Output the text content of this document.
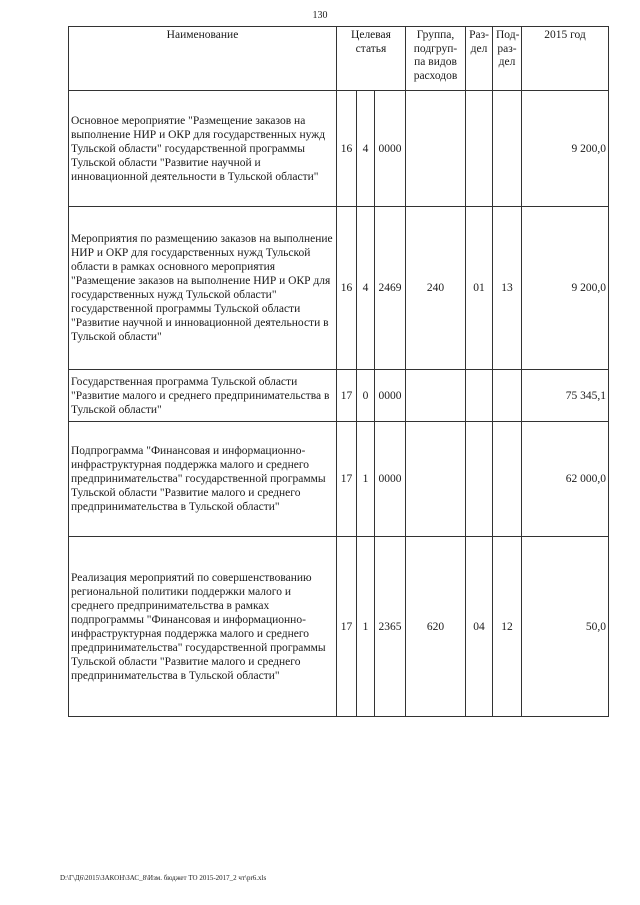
130
Наименование	Целевая статья			Группа, подгруп- па видов расходов	Раз- дел	Под- раз- дел	2015 год
Основное мероприятие "Размещение заказов на выполнение НИР и ОКР для государственных нужд Тульской области" государственной программы Тульской области "Развитие научной и инновационной деятельности в Тульской области"	16	4	0000				9 200,0
Мероприятия по размещению заказов на выполнение НИР и ОКР для государственных нужд Тульской области в рамках основного мероприятия "Размещение заказов на выполнение НИР и ОКР для государственных нужд Тульской области" государственной программы Тульской области "Развитие научной и инновационной деятельности в Тульской области"	16	4	2469	240	01	13	9 200,0
Государственная программа Тульской области "Развитие малого и среднего предпринимательства в Тульской области"	17	0	0000				75 345,1
Подпрограмма "Финансовая и информационно-инфраструктурная поддержка малого и среднего предпринимательства" государственной программы Тульской области "Развитие малого и среднего предпринимательства в Тульской области"	17	1	0000				62 000,0
Реализация мероприятий по совершенствованию региональной политики поддержки малого и среднего предпринимательства в рамках подпрограммы "Финансовая и информационно-инфраструктурная поддержка малого и среднего предпринимательства" государственной программы Тульской области "Развитие малого и среднего предпринимательства в Тульской области"	17	1	2365	620	04	12	50,0
D:\Г\Д6\2015\ЗАКОН\ЗАС_8\Изм. бюджет ТО 2015-2017_2 чт\pr6.xls
